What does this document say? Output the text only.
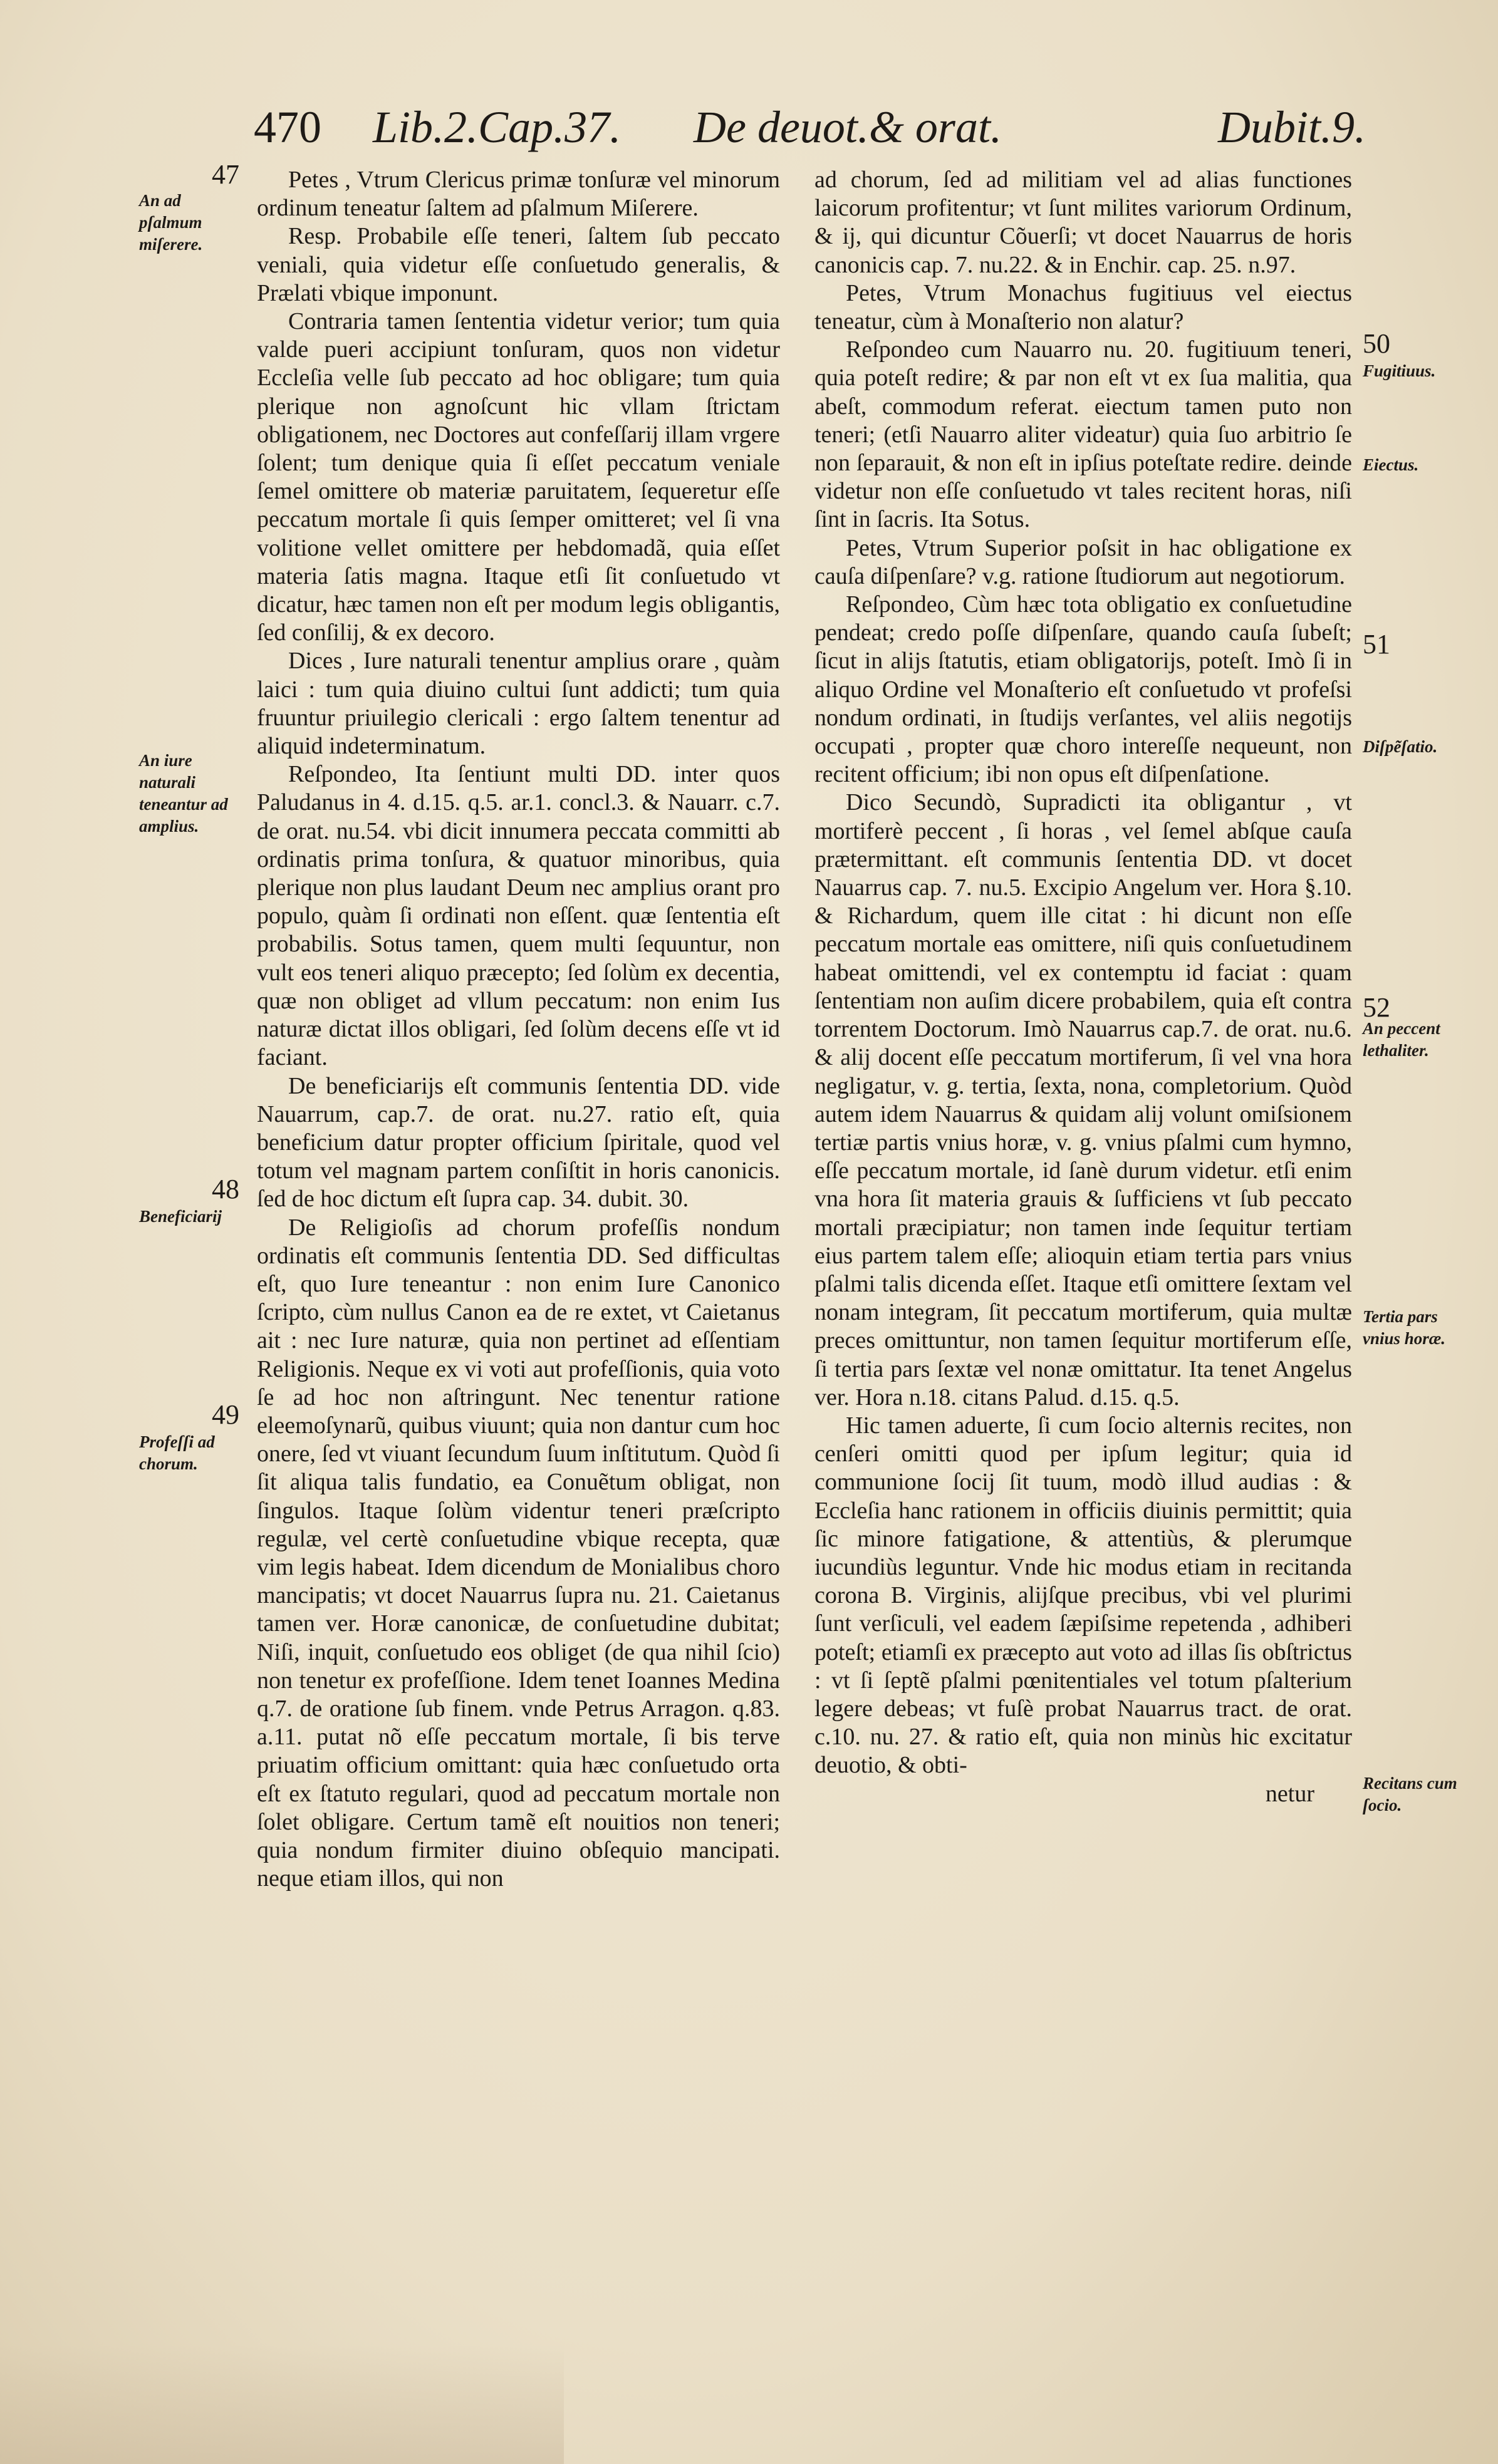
470 Lib.2.Cap.37. De deuot.& orat.	Dubit.9.
47
An ad pſalmum miſerere.
An iure naturali teneantur ad amplius.
48
Beneficiarij
49
Profeſſi ad chorum.
50
Fugitiuus.
Eiectus.
51
Diſpẽſatio.
52
An peccent lethaliter.
Tertia pars vnius horæ.
Recitans cum ſocio.

Petes , Vtrum Clericus primæ tonſuræ vel minorum ordinum teneatur ſaltem ad pſalmum Miſerere.

Resp. Probabile eſſe teneri, ſaltem ſub peccato veniali, quia videtur eſſe conſuetudo generalis, & Prælati vbique imponunt.

Contraria tamen ſententia videtur verior; tum quia valde pueri accipiunt tonſuram, quos non videtur Eccleſia velle ſub peccato ad hoc obligare; tum quia plerique non agnoſcunt hic vllam ſtrictam obligationem, nec Doctores aut confeſſarij illam vrgere ſolent; tum denique quia ſi eſſet peccatum veniale ſemel omittere ob materiæ paruitatem, ſequeretur eſſe peccatum mortale ſi quis ſemper omitteret; vel ſi vna volitione vellet omittere per hebdomadã, quia eſſet materia ſatis magna. Itaque etſi ſit conſuetudo vt dicatur, hæc tamen non eſt per modum legis obligantis, ſed conſilij, & ex decoro.

Dices , Iure naturali tenentur amplius orare , quàm laici : tum quia diuino cultui ſunt addicti; tum quia fruuntur priuilegio clericali : ergo ſaltem tenentur ad aliquid indeterminatum.

Reſpondeo, Ita ſentiunt multi DD. inter quos Paludanus in 4. d.15. q.5. ar.1. concl.3. & Nauarr. c.7. de orat. nu.54. vbi dicit innumera peccata committi ab ordinatis prima tonſura, & quatuor minoribus, quia plerique non plus laudant Deum nec amplius orant pro populo, quàm ſi ordinati non eſſent. quæ ſententia eſt probabilis. Sotus tamen, quem multi ſequuntur, non vult eos teneri aliquo præcepto; ſed ſolùm ex decentia, quæ non obliget ad vllum peccatum: non enim Ius naturæ dictat illos obligari, ſed ſolùm decens eſſe vt id faciant.

De beneficiarijs eſt communis ſententia DD. vide Nauarrum, cap.7. de orat. nu.27. ratio eſt, quia beneficium datur propter officium ſpiritale, quod vel totum vel magnam partem conſiſtit in horis canonicis. ſed de hoc dictum eſt ſupra cap. 34. dubit. 30.

De Religioſis ad chorum profeſſis nondum ordinatis eſt communis ſententia DD. Sed difficultas eſt, quo Iure teneantur : non enim Iure Canonico ſcripto, cùm nullus Canon ea de re extet, vt Caietanus ait : nec Iure naturæ, quia non pertinet ad eſſentiam Religionis. Neque ex vi voti aut profeſſionis, quia voto ſe ad hoc non aſtringunt. Nec tenentur ratione eleemoſynarũ, quibus viuunt; quia non dantur cum hoc onere, ſed vt viuant ſecundum ſuum inſtitutum. Quòd ſi ſit aliqua talis fundatio, ea Conuẽtum obligat, non ſingulos. Itaque ſolùm videntur teneri præſcripto regulæ, vel certè conſuetudine vbique recepta, quæ vim legis habeat. Idem dicendum de Monialibus choro mancipatis; vt docet Nauarrus ſupra nu. 21. Caietanus tamen ver. Horæ canonicæ, de conſuetudine dubitat; Niſi, inquit, conſuetudo eos obliget (de qua nihil ſcio) non tenetur ex profeſſione. Idem tenet Ioannes Medina q.7. de oratione ſub finem. vnde Petrus Arragon. q.83. a.11. putat nõ eſſe peccatum mortale, ſi bis terve priuatim officium omittant: quia hæc conſuetudo orta eſt ex ſtatuto regulari, quod ad peccatum mortale non ſolet obligare. Certum tamẽ eſt nouitios non teneri; quia nondum firmiter diuino obſequio mancipati. neque etiam illos, qui non

ad chorum, ſed ad militiam vel ad alias functiones laicorum profitentur; vt ſunt milites variorum Ordinum, & ij, qui dicuntur Cõuerſi; vt docet Nauarrus de horis canonicis cap. 7. nu.22. & in Enchir. cap. 25. n.97.

Petes, Vtrum Monachus fugitiuus vel eiectus teneatur, cùm à Monaſterio non alatur?

Reſpondeo cum Nauarro nu. 20. fugitiuum teneri, quia poteſt redire; & par non eſt vt ex ſua malitia, qua abeſt, commodum referat. eiectum tamen puto non teneri; (etſi Nauarro aliter videatur) quia ſuo arbitrio ſe non ſeparauit, & non eſt in ipſius poteſtate redire. deinde videtur non eſſe conſuetudo vt tales recitent horas, niſi ſint in ſacris. Ita Sotus.

Petes, Vtrum Superior poſsit in hac obligatione ex cauſa diſpenſare? v.g. ratione ſtudiorum aut negotiorum.

Reſpondeo, Cùm hæc tota obligatio ex conſuetudine pendeat; credo poſſe diſpenſare, quando cauſa ſubeſt; ſicut in alijs ſtatutis, etiam obligatorijs, poteſt. Imò ſi in aliquo Ordine vel Monaſterio eſt conſuetudo vt profeſsi nondum ordinati, in ſtudijs verſantes, vel aliis negotijs occupati , propter quæ choro intereſſe nequeunt, non recitent officium; ibi non opus eſt diſpenſatione.

Dico Secundò, Supradicti ita obligantur , vt mortiferè peccent , ſi horas , vel ſemel abſque cauſa prætermittant. eſt communis ſententia DD. vt docet Nauarrus cap. 7. nu.5. Excipio Angelum ver. Hora §.10. & Richardum, quem ille citat : hi dicunt non eſſe peccatum mortale eas omittere, niſi quis conſuetudinem habeat omittendi, vel ex contemptu id faciat : quam ſententiam non auſim dicere probabilem, quia eſt contra torrentem Doctorum. Imò Nauarrus cap.7. de orat. nu.6. & alij docent eſſe peccatum mortiferum, ſi vel vna hora negligatur, v. g. tertia, ſexta, nona, completorium. Quòd autem idem Nauarrus & quidam alij volunt omiſsionem tertiæ partis vnius horæ, v. g. vnius pſalmi cum hymno, eſſe peccatum mortale, id ſanè durum videtur. etſi enim vna hora ſit materia grauis & ſufficiens vt ſub peccato mortali præcipiatur; non tamen inde ſequitur tertiam eius partem talem eſſe; alioquin etiam tertia pars vnius pſalmi talis dicenda eſſet. Itaque etſi omittere ſextam vel nonam integram, ſit peccatum mortiferum, quia multæ preces omittuntur, non tamen ſequitur mortiferum eſſe, ſi tertia pars ſextæ vel nonæ omittatur. Ita tenet Angelus ver. Hora n.18. citans Palud. d.15. q.5.

Hic tamen aduerte, ſi cum ſocio alternis recites, non cenſeri omitti quod per ipſum legitur; quia id communione ſocij ſit tuum, modò illud audias : & Eccleſia hanc rationem in officiis diuinis permittit; quia ſic minore fatigatione, & attentiùs, & plerumque iucundiùs leguntur. Vnde hic modus etiam in recitanda corona B. Virginis, alijſque precibus, vbi vel plurimi ſunt verſiculi, vel eadem ſæpiſsime repetenda , adhiberi poteſt; etiamſi ex præcepto aut voto ad illas ſis obſtrictus : vt ſi ſeptẽ pſalmi pœnitentiales vel totum pſalterium legere debeas; vt fuſè probat Nauarrus tract. de orat. c.10. nu. 27. & ratio eſt, quia non minùs hic excitatur deuotio, & obti-

netur
